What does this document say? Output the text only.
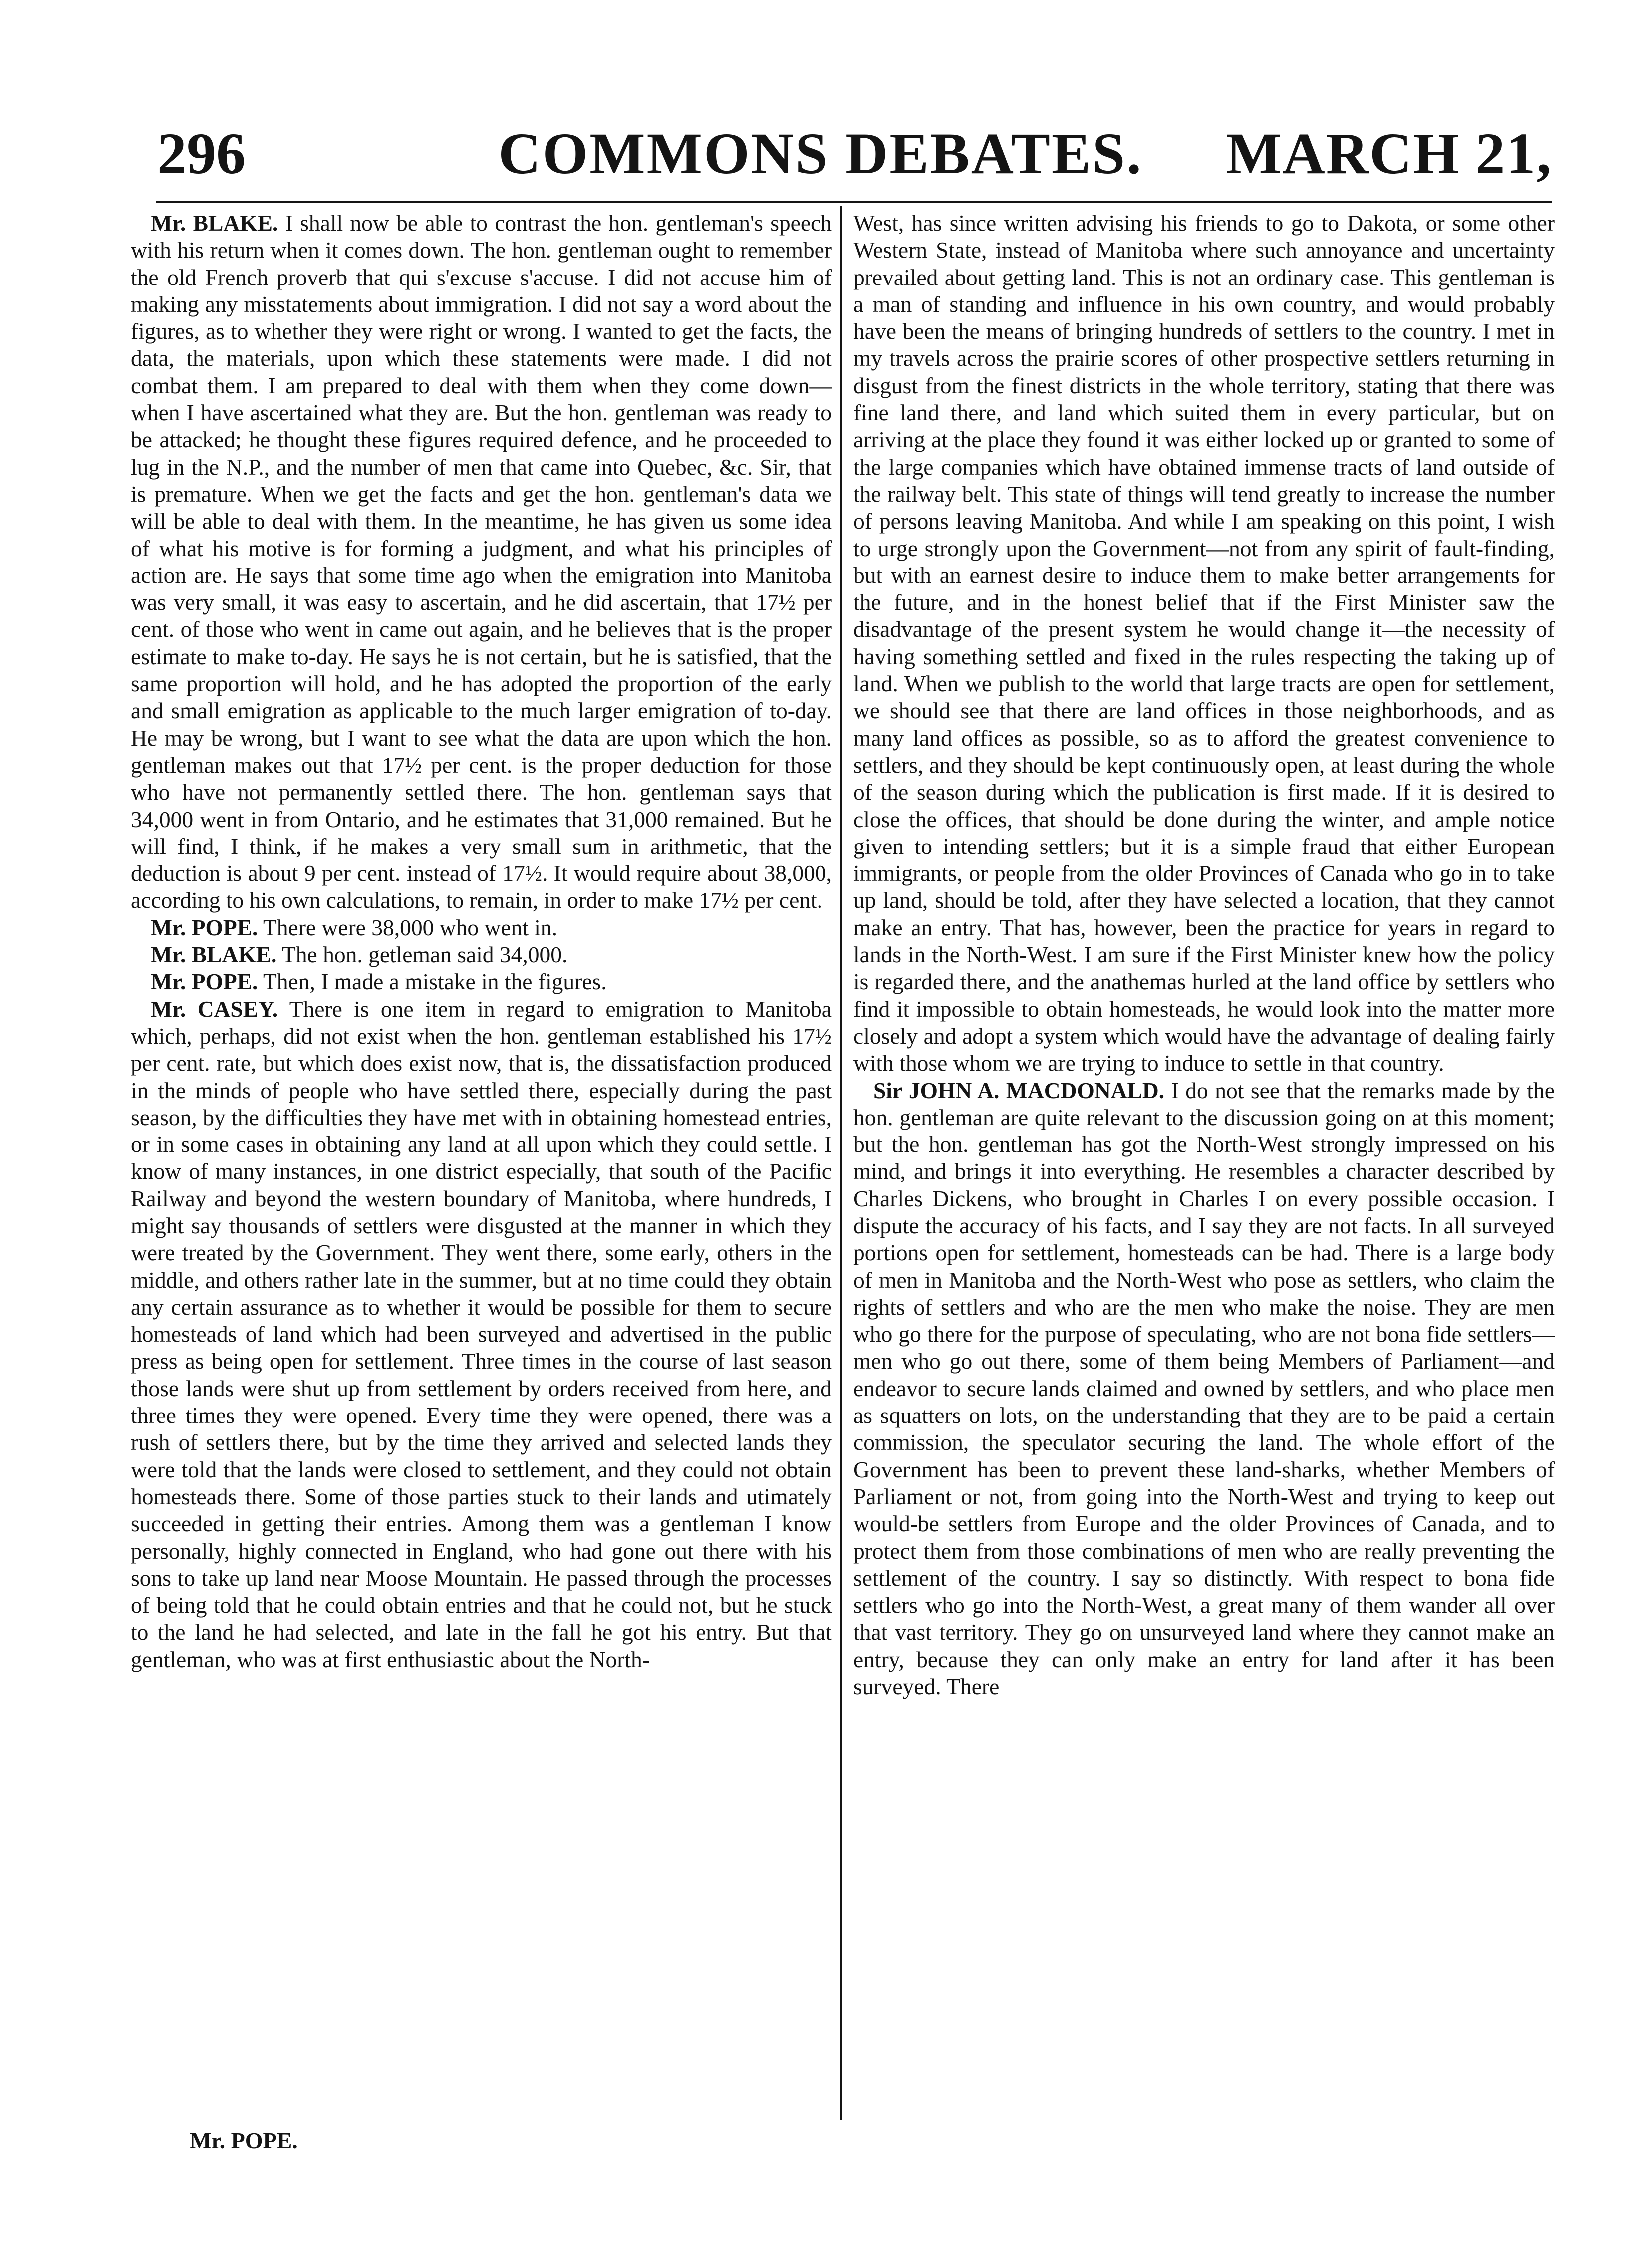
296	COMMONS DEBATES.	MARCH 21,

Mr. BLAKE. I shall now be able to contrast the hon. gentleman's speech with his return when it comes down. The hon. gentleman ought to remember the old French proverb that qui s'excuse s'accuse. I did not accuse him of making any misstatements about immigration. I did not say a word about the figures, as to whether they were right or wrong. I wanted to get the facts, the data, the materials, upon which these statements were made. I did not combat them. I am prepared to deal with them when they come down—when I have ascertained what they are. But the hon. gentleman was ready to be attacked; he thought these figures required defence, and he proceeded to lug in the N.P., and the number of men that came into Quebec, &c. Sir, that is premature. When we get the facts and get the hon. gentleman's data we will be able to deal with them. In the meantime, he has given us some idea of what his motive is for forming a judgment, and what his principles of action are. He says that some time ago when the emigration into Manitoba was very small, it was easy to ascertain, and he did ascertain, that 17½ per cent. of those who went in came out again, and he believes that is the proper estimate to make to-day. He says he is not certain, but he is satisfied, that the same proportion will hold, and he has adopted the proportion of the early and small emigration as applicable to the much larger emigration of to-day. He may be wrong, but I want to see what the data are upon which the hon. gentleman makes out that 17½ per cent. is the proper deduction for those who have not permanently settled there. The hon. gentleman says that 34,000 went in from Ontario, and he estimates that 31,000 remained. But he will find, I think, if he makes a very small sum in arithmetic, that the deduction is about 9 per cent. instead of 17½. It would require about 38,000, according to his own calculations, to remain, in order to make 17½ per cent.

Mr. POPE. There were 38,000 who went in.

Mr. BLAKE. The hon. getleman said 34,000.

Mr. POPE. Then, I made a mistake in the figures.

Mr. CASEY. There is one item in regard to emigration to Manitoba which, perhaps, did not exist when the hon. gentleman established his 17½ per cent. rate, but which does exist now, that is, the dissatisfaction produced in the minds of people who have settled there, especially during the past season, by the difficulties they have met with in obtaining homestead entries, or in some cases in obtaining any land at all upon which they could settle. I know of many instances, in one district especially, that south of the Pacific Railway and beyond the western boundary of Manitoba, where hundreds, I might say thousands of settlers were disgusted at the manner in which they were treated by the Government. They went there, some early, others in the middle, and others rather late in the summer, but at no time could they obtain any certain assurance as to whether it would be possible for them to secure homesteads of land which had been surveyed and advertised in the public press as being open for settlement. Three times in the course of last season those lands were shut up from settlement by orders received from here, and three times they were opened. Every time they were opened, there was a rush of settlers there, but by the time they arrived and selected lands they were told that the lands were closed to settlement, and they could not obtain homesteads there. Some of those parties stuck to their lands and utimately succeeded in getting their entries. Among them was a gentleman I know personally, highly connected in England, who had gone out there with his sons to take up land near Moose Mountain. He passed through the processes of being told that he could obtain entries and that he could not, but he stuck to the land he had selected, and late in the fall he got his entry. But that gentleman, who was at first enthusiastic about the North-

West, has since written advising his friends to go to Dakota, or some other Western State, instead of Manitoba where such annoyance and uncertainty prevailed about getting land. This is not an ordinary case. This gentleman is a man of standing and influence in his own country, and would probably have been the means of bringing hundreds of settlers to the country. I met in my travels across the prairie scores of other prospective settlers returning in disgust from the finest districts in the whole territory, stating that there was fine land there, and land which suited them in every particular, but on arriving at the place they found it was either locked up or granted to some of the large companies which have obtained immense tracts of land outside of the railway belt. This state of things will tend greatly to increase the number of persons leaving Manitoba. And while I am speaking on this point, I wish to urge strongly upon the Government—not from any spirit of fault-finding, but with an earnest desire to induce them to make better arrangements for the future, and in the honest belief that if the First Minister saw the disadvantage of the present system he would change it—the necessity of having something settled and fixed in the rules respecting the taking up of land. When we publish to the world that large tracts are open for settlement, we should see that there are land offices in those neighborhoods, and as many land offices as possible, so as to afford the greatest convenience to settlers, and they should be kept continuously open, at least during the whole of the season during which the publication is first made. If it is desired to close the offices, that should be done during the winter, and ample notice given to intending settlers; but it is a simple fraud that either European immigrants, or people from the older Provinces of Canada who go in to take up land, should be told, after they have selected a location, that they cannot make an entry. That has, however, been the practice for years in regard to lands in the North-West. I am sure if the First Minister knew how the policy is regarded there, and the anathemas hurled at the land office by settlers who find it impossible to obtain homesteads, he would look into the matter more closely and adopt a system which would have the advantage of dealing fairly with those whom we are trying to induce to settle in that country.

Sir JOHN A. MACDONALD. I do not see that the remarks made by the hon. gentleman are quite relevant to the discussion going on at this moment; but the hon. gentleman has got the North-West strongly impressed on his mind, and brings it into everything. He resembles a character described by Charles Dickens, who brought in Charles I on every possible occasion. I dispute the accuracy of his facts, and I say they are not facts. In all surveyed portions open for settlement, homesteads can be had. There is a large body of men in Manitoba and the North-West who pose as settlers, who claim the rights of settlers and who are the men who make the noise. They are men who go there for the purpose of speculating, who are not bona fide settlers—men who go out there, some of them being Members of Parliament—and endeavor to secure lands claimed and owned by settlers, and who place men as squatters on lots, on the understanding that they are to be paid a certain commission, the speculator securing the land. The whole effort of the Government has been to prevent these land-sharks, whether Members of Parliament or not, from going into the North-West and trying to keep out would-be settlers from Europe and the older Provinces of Canada, and to protect them from those combinations of men who are really preventing the settlement of the country. I say so distinctly. With respect to bona fide settlers who go into the North-West, a great many of them wander all over that vast territory. They go on unsurveyed land where they cannot make an entry, because they can only make an entry for land after it has been surveyed. There

Mr. POPE.
